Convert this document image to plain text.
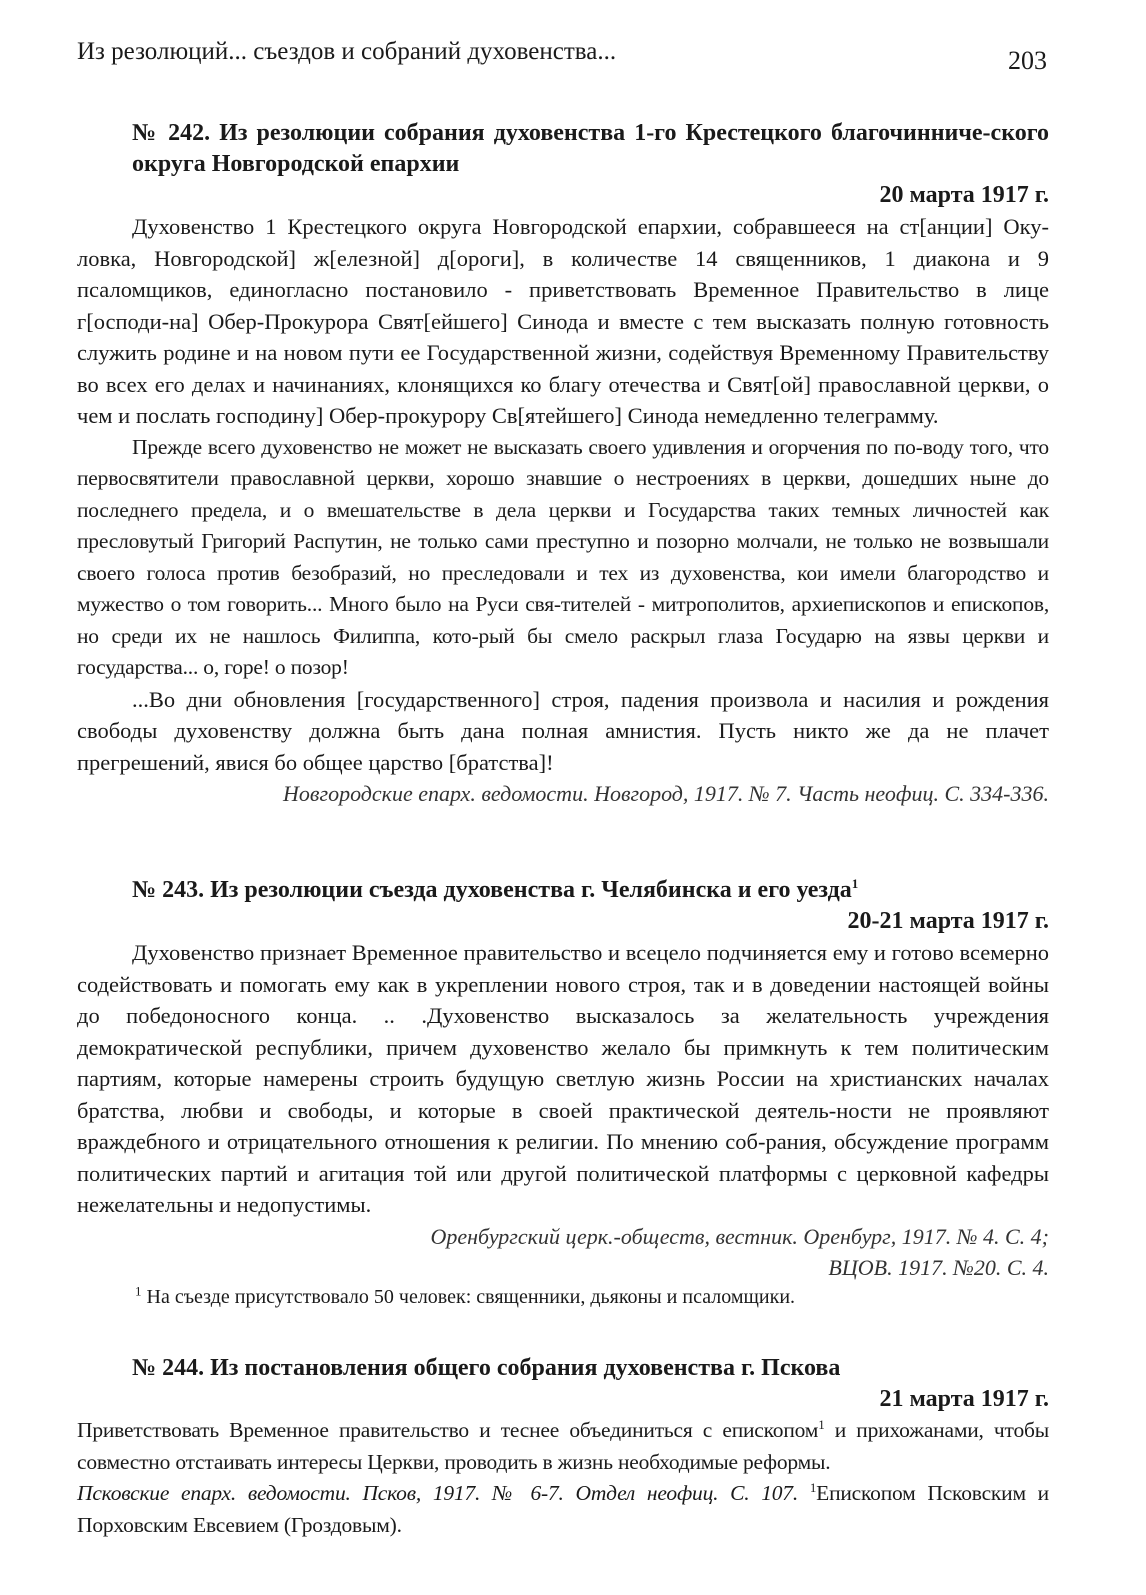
Из резолюций... съездов и собраний духовенства...	203
№ 242. Из резолюции собрания духовенства 1-го Крестецкого благочинниче-ского округа Новгородской епархии
20 марта 1917 г.

Духовенство 1 Крестецкого округа Новгородской епархии, собравшееся на ст[анции] Оку-ловка, Новгородской] ж[елезной] д[ороги], в количестве 14 священников, 1 диакона и 9 псаломщиков, единогласно постановило - приветствовать Временное Правительство в лице г[осподи-на] Обер-Прокурора Свят[ейшего] Синода и вместе с тем высказать полную готовность служить родине и на новом пути ее Государственной жизни, содействуя Временному Правительству во всех его делах и начинаниях, клонящихся ко благу отечества и Свят[ой] православной церкви, о чем и послать господину] Обер-прокурору Св[ятейшего] Синода немедленно телеграмму.

Прежде всего духовенство не может не высказать своего удивления и огорчения по по-воду того, что первосвятители православной церкви, хорошо знавшие о нестроениях в церкви, дошедших ныне до последнего предела, и о вмешательстве в дела церкви и Государства таких темных личностей как пресловутый Григорий Распутин, не только сами преступно и позорно молчали, не только не возвышали своего голоса против безобразий, но преследовали и тех из духовенства, кои имели благородство и мужество о том говорить... Много было на Руси свя-тителей - митрополитов, архиепископов и епископов, но среди их не нашлось Филиппа, кото-рый бы смело раскрыл глаза Государю на язвы церкви и государства... о, горе! о позор!

...Во дни обновления [государственного] строя, падения произвола и насилия и рождения свободы духовенству должна быть дана полная амнистия. Пусть никто же да не плачет прегрешений, явися бо общее царство [братства]!

Новгородские епарх. ведомости. Новгород, 1917. № 7. Часть неофиц. С. 334-336.
№ 243. Из резолюции съезда духовенства г. Челябинска и его уезда$^1$
20-21 марта 1917 г.

Духовенство признает Временное правительство и всецело подчиняется ему и готово всемерно содействовать и помогать ему как в укреплении нового строя, так и в доведении настоящей войны до победоносного конца. .. .Духовенство высказалось за желательность учреждения демократической республики, причем духовенство желало бы примкнуть к тем политическим партиям, которые намерены строить будущую светлую жизнь России на христианских началах братства, любви и свободы, и которые в своей практической деятель-ности не проявляют враждебного и отрицательного отношения к религии. По мнению соб-рания, обсуждение программ политических партий и агитация той или другой политической платформы с церковной кафедры нежелательны и недопустимы.

Оренбургский церк.-обществ, вестник. Оренбург, 1917. № 4. С. 4;
ВЦОВ. 1917. №20. С. 4.
$^1$ На съезде присутствовало 50 человек: священники, дьяконы и псаломщики.
№ 244. Из постановления общего собрания духовенства г. Пскова
21 марта 1917 г.

Приветствовать Временное правительство и теснее объединиться с епископом$^1$ и прихожанами, чтобы совместно отстаивать интересы Церкви, проводить в жизнь необходимые реформы.

Псковские епарх. ведомости. Псков, 1917. № 6-7. Отдел неофиц. С. 107. $^1$Епископом Псковским и Порховским Евсевием (Гроздовым).
